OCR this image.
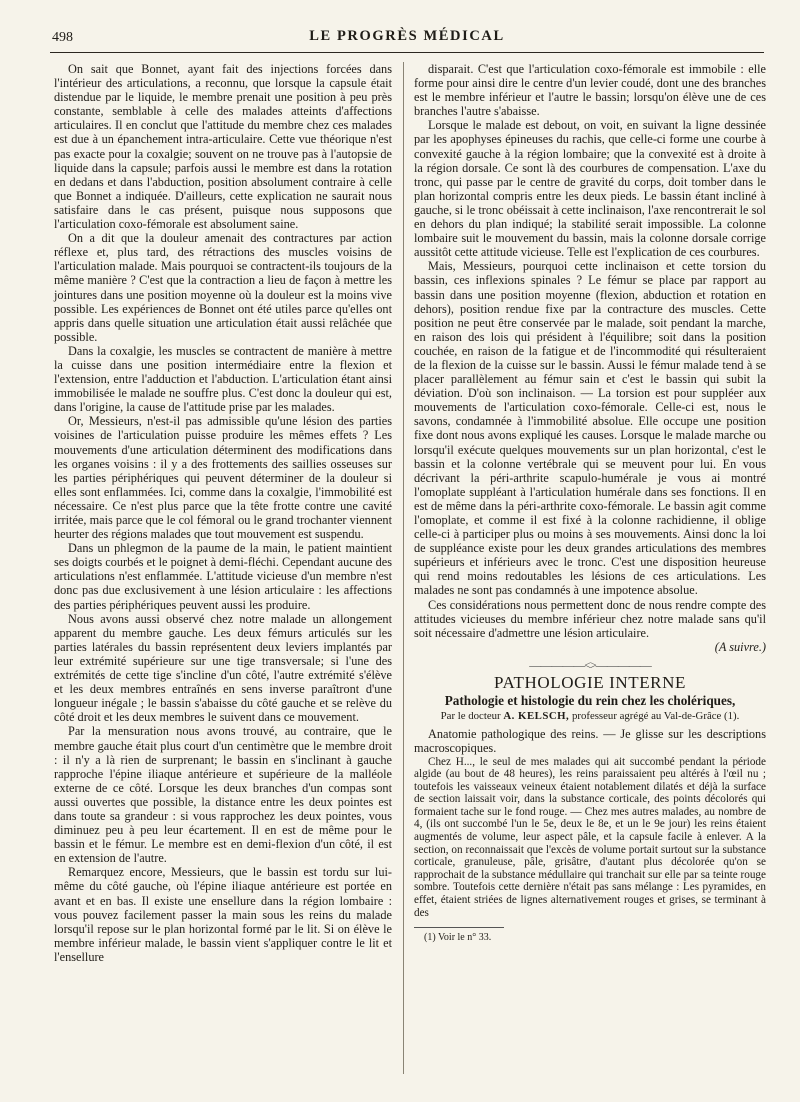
498	LE PROGRÈS MÉDICAL

On sait que Bonnet, ayant fait des injections forcées dans l'intérieur des articulations, a reconnu, que lorsque la capsule était distendue par le liquide, le membre prenait une position à peu près constante, semblable à celle des malades atteints d'affections articulaires. Il en conclut que l'attitude du membre chez ces malades est due à un épanchement intra-articulaire. Cette vue théorique n'est pas exacte pour la coxalgie; souvent on ne trouve pas à l'autopsie de liquide dans la capsule; parfois aussi le membre est dans la rotation en dedans et dans l'abduction, position absolument contraire à celle que Bonnet a indiquée. D'ailleurs, cette explication ne saurait nous satisfaire dans le cas présent, puisque nous supposons que l'articulation coxo-fémorale est absolument saine.

On a dit que la douleur amenait des contractures par action réflexe et, plus tard, des rétractions des muscles voisins de l'articulation malade. Mais pourquoi se contractent-ils toujours de la même manière ? C'est que la contraction a lieu de façon à mettre les jointures dans une position moyenne où la douleur est la moins vive possible. Les expériences de Bonnet ont été utiles parce qu'elles ont appris dans quelle situation une articulation était aussi relâchée que possible.

Dans la coxalgie, les muscles se contractent de manière à mettre la cuisse dans une position intermédiaire entre la flexion et l'extension, entre l'adduction et l'abduction. L'articulation étant ainsi immobilisée le malade ne souffre plus. C'est donc la douleur qui est, dans l'origine, la cause de l'attitude prise par les malades.

Or, Messieurs, n'est-il pas admissible qu'une lésion des parties voisines de l'articulation puisse produire les mêmes effets ? Les mouvements d'une articulation déterminent des modifications dans les organes voisins : il y a des frottements des saillies osseuses sur les parties périphériques qui peuvent déterminer de la douleur si elles sont enflammées. Ici, comme dans la coxalgie, l'immobilité est nécessaire. Ce n'est plus parce que la tête frotte contre une cavité irritée, mais parce que le col fémoral ou le grand trochanter viennent heurter des régions malades que tout mouvement est suspendu.

Dans un phlegmon de la paume de la main, le patient maintient ses doigts courbés et le poignet à demi-fléchi. Cependant aucune des articulations n'est enflammée. L'attitude vicieuse d'un membre n'est donc pas due exclusivement à une lésion articulaire : les affections des parties périphériques peuvent aussi les produire.

Nous avons aussi observé chez notre malade un allongement apparent du membre gauche. Les deux fémurs articulés sur les parties latérales du bassin représentent deux leviers implantés par leur extrémité supérieure sur une tige transversale; si l'une des extrémités de cette tige s'incline d'un côté, l'autre extrémité s'élève et les deux membres entraînés en sens inverse paraîtront d'une longueur inégale ; le bassin s'abaisse du côté gauche et se relève du côté droit et les deux membres le suivent dans ce mouvement.

Par la mensuration nous avons trouvé, au contraire, que le membre gauche était plus court d'un centimètre que le membre droit : il n'y a là rien de surprenant; le bassin en s'inclinant à gauche rapproche l'épine iliaque antérieure et supérieure de la malléole externe de ce côté. Lorsque les deux branches d'un compas sont aussi ouvertes que possible, la distance entre les deux pointes est dans toute sa grandeur : si vous rapprochez les deux pointes, vous diminuez peu à peu leur écartement. Il en est de même pour le bassin et le fémur. Le membre est en demi-flexion d'un côté, il est en extension de l'autre.

Remarquez encore, Messieurs, que le bassin est tordu sur lui-même du côté gauche, où l'épine iliaque antérieure est portée en avant et en bas. Il existe une ensellure dans la région lombaire : vous pouvez facilement passer la main sous les reins du malade lorsqu'il repose sur le plan horizontal formé par le lit. Si on élève le membre inférieur malade, le bassin vient s'appliquer contre le lit et l'ensellure

disparait. C'est que l'articulation coxo-fémorale est immobile : elle forme pour ainsi dire le centre d'un levier coudé, dont une des branches est le membre inférieur et l'autre le bassin; lorsqu'on élève une de ces branches l'autre s'abaisse.

Lorsque le malade est debout, on voit, en suivant la ligne dessinée par les apophyses épineuses du rachis, que celle-ci forme une courbe à convexité gauche à la région lombaire; que la convexité est à droite à la région dorsale. Ce sont là des courbures de compensation. L'axe du tronc, qui passe par le centre de gravité du corps, doit tomber dans le plan horizontal compris entre les deux pieds. Le bassin étant incliné à gauche, si le tronc obéissait à cette inclinaison, l'axe rencontrerait le sol en dehors du plan indiqué; la stabilité serait impossible. La colonne lombaire suit le mouvement du bassin, mais la colonne dorsale corrige aussitôt cette attitude vicieuse. Telle est l'explication de ces courbures.

Mais, Messieurs, pourquoi cette inclinaison et cette torsion du bassin, ces inflexions spinales ? Le fémur se place par rapport au bassin dans une position moyenne (flexion, abduction et rotation en dehors), position rendue fixe par la contracture des muscles. Cette position ne peut être conservée par le malade, soit pendant la marche, en raison des lois qui président à l'équilibre; soit dans la position couchée, en raison de la fatigue et de l'incommodité qui résulteraient de la flexion de la cuisse sur le bassin. Aussi le fémur malade tend à se placer parallèlement au fémur sain et c'est le bassin qui subit la déviation. D'où son inclinaison. — La torsion est pour suppléer aux mouvements de l'articulation coxo-fémorale. Celle-ci est, nous le savons, condamnée à l'immobilité absolue. Elle occupe une position fixe dont nous avons expliqué les causes. Lorsque le malade marche ou lorsqu'il exécute quelques mouvements sur un plan horizontal, c'est le bassin et la colonne vertébrale qui se meuvent pour lui. En vous décrivant la péri-arthrite scapulo-humérale je vous ai montré l'omoplate suppléant à l'articulation humérale dans ses fonctions. Il en est de même dans la péri-arthrite coxo-fémorale. Le bassin agit comme l'omoplate, et comme il est fixé à la colonne rachidienne, il oblige celle-ci à participer plus ou moins à ses mouvements. Ainsi donc la loi de suppléance existe pour les deux grandes articulations des membres supérieurs et inférieurs avec le tronc. C'est une disposition heureuse qui rend moins redoutables les lésions de ces articulations. Les malades ne sont pas condamnés à une impotence absolue.

Ces considérations nous permettent donc de nous rendre compte des attitudes vicieuses du membre inférieur chez notre malade sans qu'il soit nécessaire d'admettre une lésion articulaire.

(A suivre.)

—————<>—————
PATHOLOGIE INTERNE
Pathologie et histologie du rein chez les cholériques,
Par le docteur A. KELSCH, professeur agrégé au Val-de-Grâce (1).

Anatomie pathologique des reins. — Je glisse sur les descriptions macroscopiques.

Chez H..., le seul de mes malades qui ait succombé pendant la période algide (au bout de 48 heures), les reins paraissaient peu altérés à l'œil nu ; toutefois les vaisseaux veineux étaient notablement dilatés et déjà la surface de section laissait voir, dans la substance corticale, des points décolorés qui formaient tache sur le fond rouge. — Chez mes autres malades, au nombre de 4, (ils ont succombé l'un le 5e, deux le 8e, et un le 9e jour) les reins étaient augmentés de volume, leur aspect pâle, et la capsule facile à enlever. A la section, on reconnaissait que l'excès de volume portait surtout sur la substance corticale, granuleuse, pâle, grisâtre, d'autant plus décolorée qu'on se rapprochait de la substance médullaire qui tranchait sur elle par sa teinte rouge sombre. Toutefois cette dernière n'était pas sans mélange : Les pyramides, en effet, étaient striées de lignes alternativement rouges et grises, se terminant à des

(1) Voir le n° 33.
